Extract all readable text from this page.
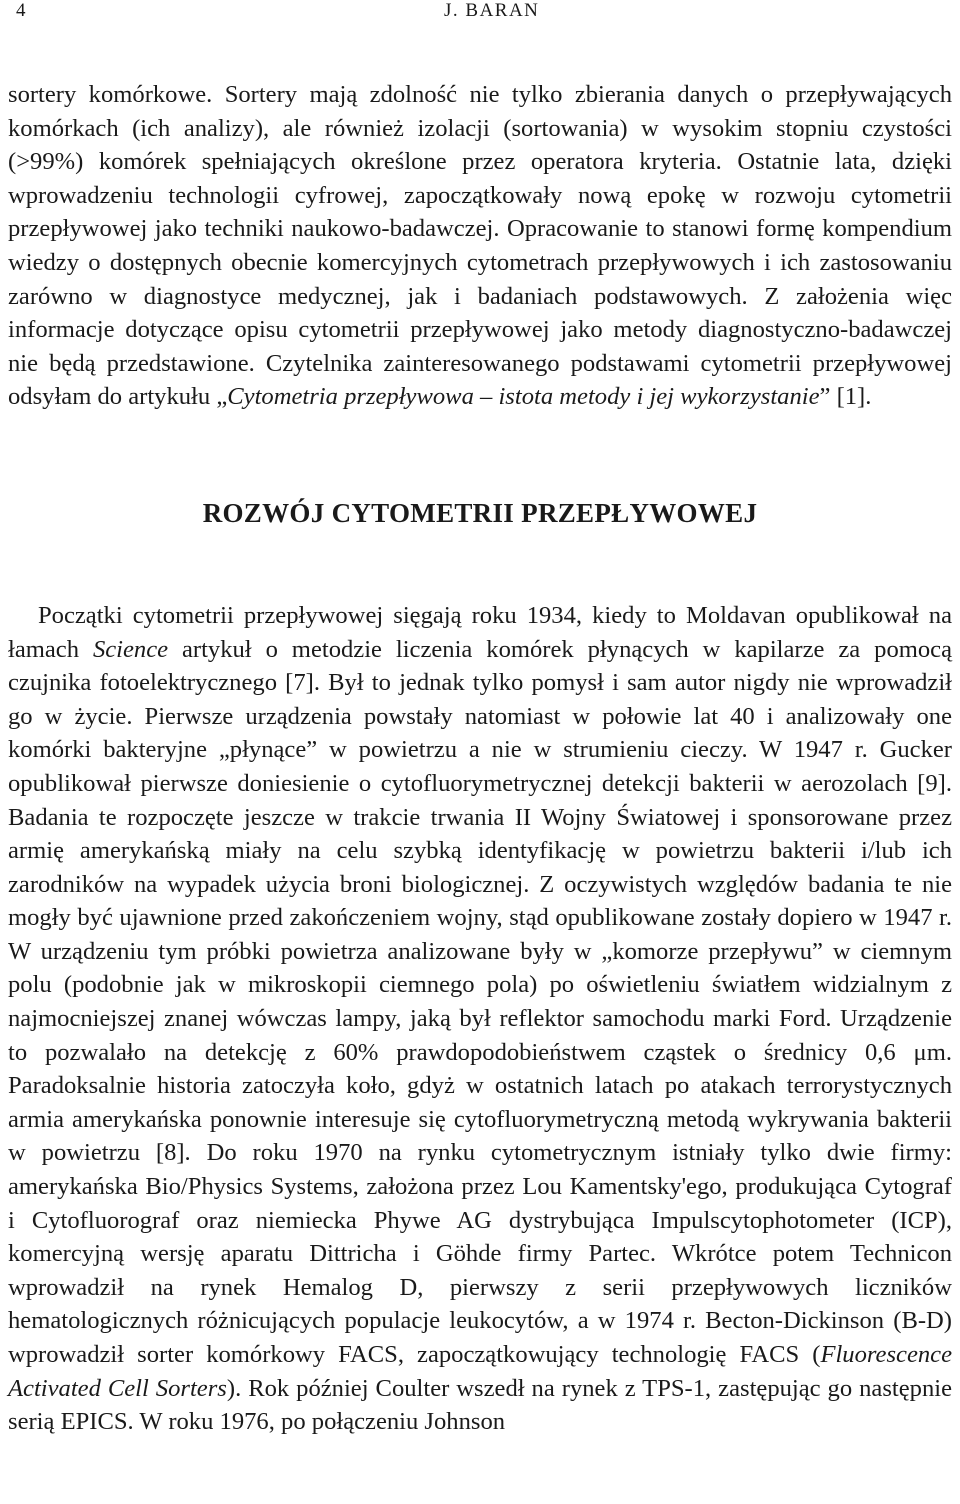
4	J. BARAN

sortery komórkowe. Sortery mają zdolność nie tylko zbierania danych o przepływających komórkach (ich analizy), ale również izolacji (sortowania) w wysokim stopniu czystości (>99%) komórek spełniających określone przez operatora kryteria. Ostatnie lata, dzięki wprowadzeniu technologii cyfrowej, zapoczątkowały nową epokę w rozwoju cytometrii przepływowej jako techniki naukowo-badawczej. Opracowanie to stanowi formę kompendium wiedzy o dostępnych obecnie komercyjnych cytometrach przepływowych i ich zastosowaniu zarówno w diagnostyce medycznej, jak i badaniach podstawowych. Z założenia więc informacje dotyczące opisu cytometrii przepływowej jako metody diagnostyczno-badawczej nie będą przedstawione. Czytelnika zainteresowanego podstawami cytometrii przepływowej odsyłam do artykułu „Cytometria przepływowa – istota metody i jej wykorzystanie” [1].

ROZWÓJ CYTOMETRII PRZEPŁYWOWEJ

Początki cytometrii przepływowej sięgają roku 1934, kiedy to Moldavan opublikował na łamach Science artykuł o metodzie liczenia komórek płynących w kapilarze za pomocą czujnika fotoelektrycznego [7]. Był to jednak tylko pomysł i sam autor nigdy nie wprowadził go w życie. Pierwsze urządzenia powstały natomiast w połowie lat 40 i analizowały one komórki bakteryjne „płynące” w powietrzu a nie w strumieniu cieczy. W 1947 r. Gucker opublikował pierwsze doniesienie o cytofluorymetrycznej detekcji bakterii w aerozolach [9]. Badania te rozpoczęte jeszcze w trakcie trwania II Wojny Światowej i sponsorowane przez armię amerykańską miały na celu szybką identyfikację w powietrzu bakterii i/lub ich zarodników na wypadek użycia broni biologicznej. Z oczywistych względów badania te nie mogły być ujawnione przed zakończeniem wojny, stąd opublikowane zostały dopiero w 1947 r. W urządzeniu tym próbki powietrza analizowane były w „komorze przepływu” w ciemnym polu (podobnie jak w mikroskopii ciemnego pola) po oświetleniu światłem widzialnym z najmocniejszej znanej wówczas lampy, jaką był reflektor samochodu marki Ford. Urządzenie to pozwalało na detekcję z 60% prawdopodobieństwem cząstek o średnicy 0,6 μm. Paradoksalnie historia zatoczyła koło, gdyż w ostatnich latach po atakach terrorystycznych armia amerykańska ponownie interesuje się cytofluorymetryczną metodą wykrywania bakterii w powietrzu [8]. Do roku 1970 na rynku cytometrycznym istniały tylko dwie firmy: amerykańska Bio/Physics Systems, założona przez Lou Kamentsky'ego, produkująca Cytograf i Cytofluorograf oraz niemiecka Phywe AG dystrybująca Impulscytophotometer (ICP), komercyjną wersję aparatu Dittricha i Göhde firmy Partec. Wkrótce potem Technicon wprowadził na rynek Hemalog D, pierwszy z serii przepływowych liczników hematologicznych różnicujących populacje leukocytów, a w 1974 r. Becton-Dickinson (B-D) wprowadził sorter komórkowy FACS, zapoczątkowujący technologię FACS (Fluorescence Activated Cell Sorters). Rok później Coulter wszedł na rynek z TPS-1, zastępując go następnie serią EPICS. W roku 1976, po połączeniu Johnson
